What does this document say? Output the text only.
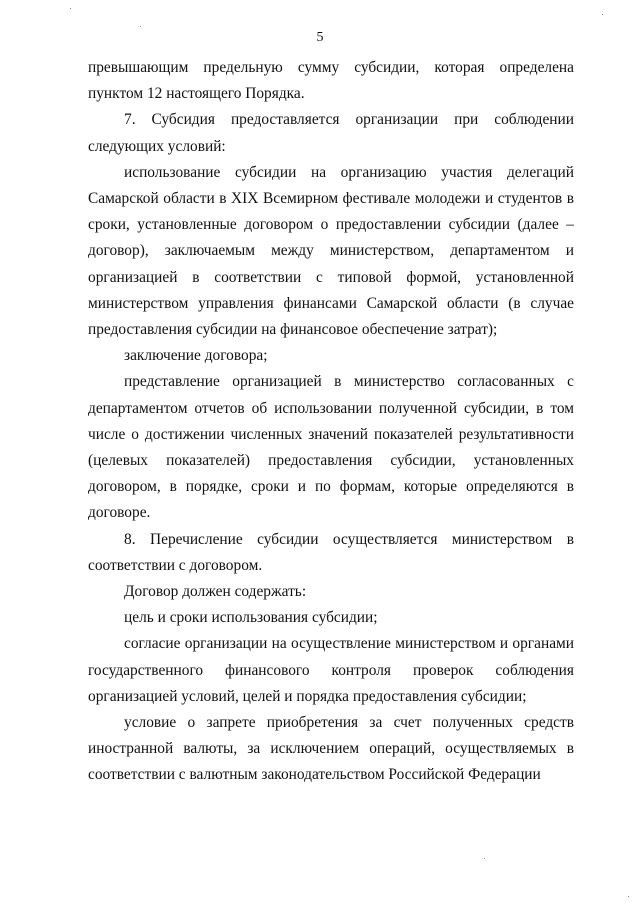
5

превышающим предельную сумму субсидии, которая определена пунктом 12 настоящего Порядка.

7. Субсидия предоставляется организации при соблюдении следующих условий:

использование субсидии на организацию участия делегаций Самарской области в XIX Всемирном фестивале молодежи и студентов в сроки, установленные договором о предоставлении субсидии (далее – договор), заключаемым между министерством, департаментом и организацией в соответствии с типовой формой, установленной министерством управления финансами Самарской области (в случае предоставления субсидии на финансовое обеспечение затрат);

заключение договора;

представление организацией в министерство согласованных с департаментом отчетов об использовании полученной субсидии, в том числе о достижении численных значений показателей результативности (целевых показателей) предоставления субсидии, установленных договором, в порядке, сроки и по формам, которые определяются в договоре.

8. Перечисление субсидии осуществляется министерством в соответствии с договором.

Договор должен содержать:

цель и сроки использования субсидии;

согласие организации на осуществление министерством и органами государственного финансового контроля проверок соблюдения организацией условий, целей и порядка предоставления субсидии;

условие о запрете приобретения за счет полученных средств иностранной валюты, за исключением операций, осуществляемых в соответствии с валютным законодательством Российской Федерации
